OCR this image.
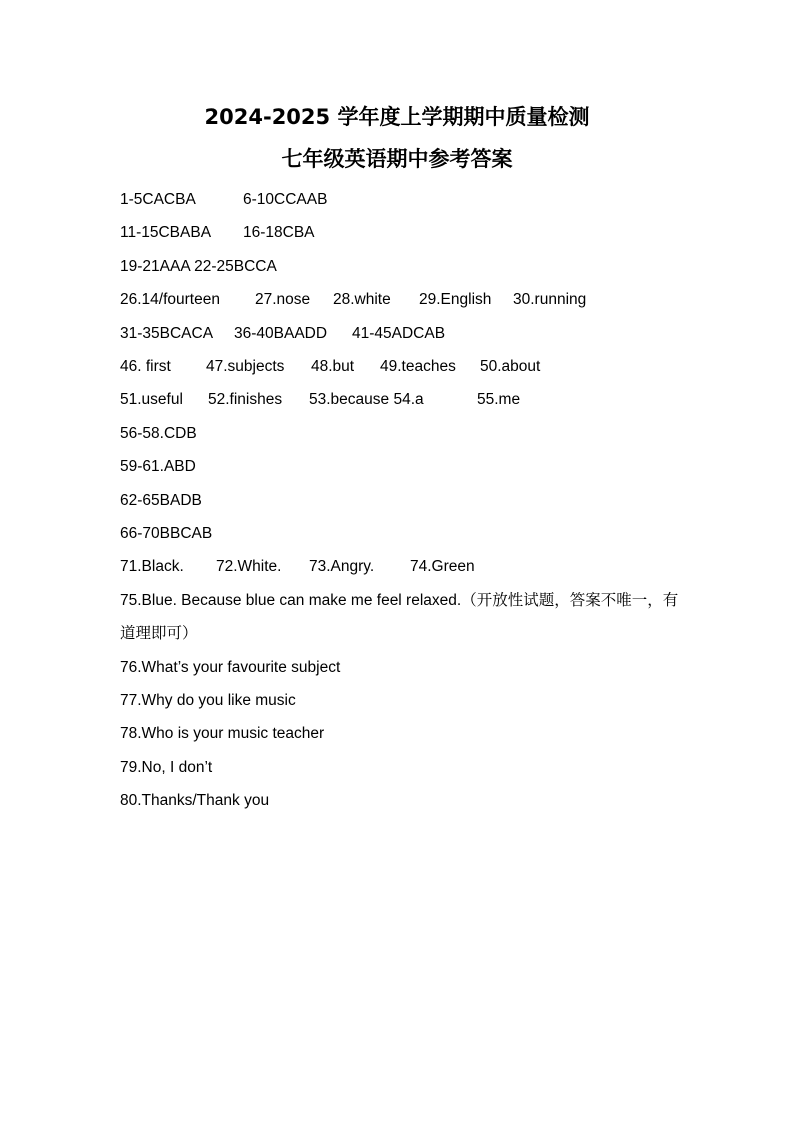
2024-2025 学年度上学期期中质量检测
七年级英语期中参考答案
1-5CACBA	6-10CCAAB
11-15CBABA	16-18CBA
19-21AAA 22-25BCCA
26.14/fourteen	27.nose	28.white	29.English	30.running
31-35BCACA	36-40BAADD	41-45ADCAB
46. first	47.subjects	48.but	49.teaches	50.about
51.useful	52.finishes	53.because 54.a	55.me
56-58.CDB
59-61.ABD
62-65BADB
66-70BBCAB
71.Black.	72.White.	73.Angry.	74.Green
75.Blue. Because blue can make me feel relaxed.（开放性试题，答案不唯一，有道理即可）
76.What’s your favourite subject
77.Why do you like music
78.Who is your music teacher
79.No, I don’t
80.Thanks/Thank you
